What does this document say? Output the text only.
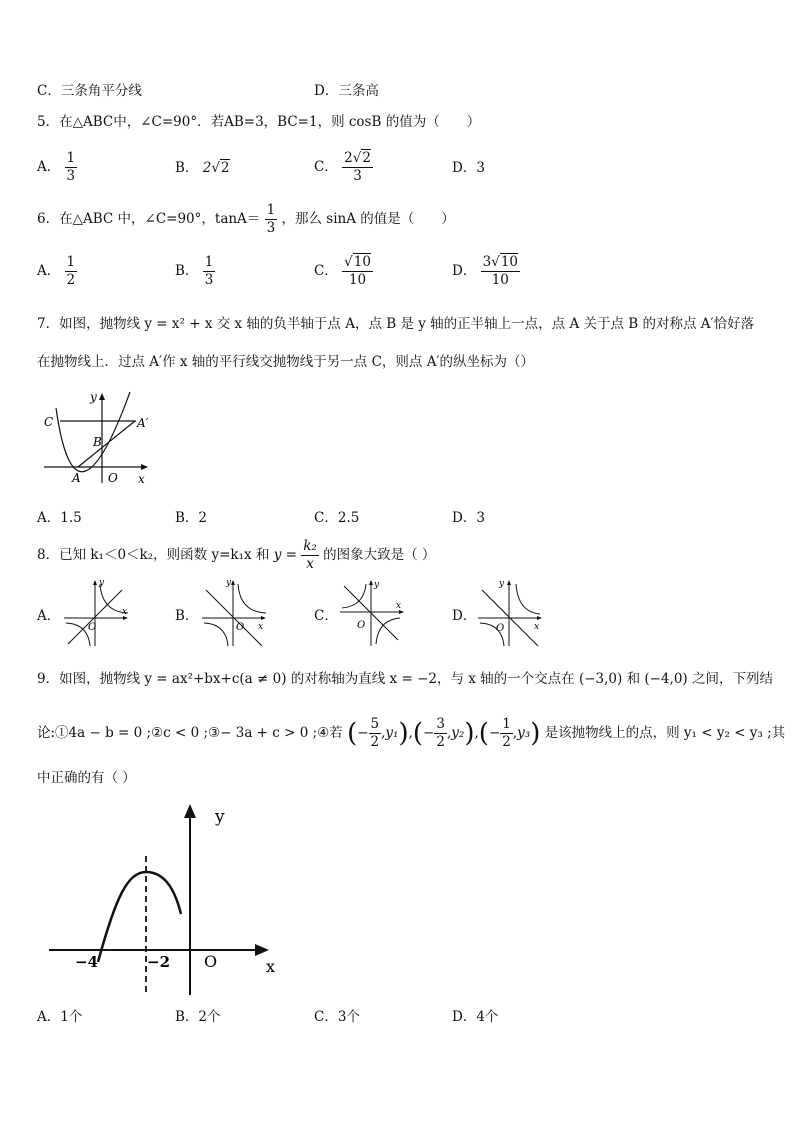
C．三条角平分线	D．三条高
5．在△ABC中，∠C=90°．若AB=3，BC=1，则 cosB 的值为（　　）
A． $\frac{1}{3}$	B． 2√2	C． $\frac{2√2}{3}$	D．3
6．在△ABC 中，∠C=90°，$\tan A= \frac{1}{3}$ ，那么 sinA 的值是（　　）
A． $\frac{1}{2}$	B． $\frac{1}{3}$	C． $\frac{√10}{10}$	D． $\frac{3√10}{10}$
7．如图，抛物线 y = x² + x 交 x 轴的负半轴于点 A，点 B 是 y 轴的正半轴上一点，点 A 关于点 B 的对称点 A′恰好落
在抛物线上．过点 A′作 x 轴的平行线交抛物线于另一点 C，则点 A′的纵坐标为（）
y
C	A′
B
A O x
A．1.5	B．2	C．2.5	D．3
8．已知 k₁＜0＜k₂，则函数 y=k₁x 和 $y = \frac{\text{k₂}}{x}$ 的图象大致是（ ）
A．	B．	C．	D．
y
x
O
y
x
O
y
x
O
y
x
O
9．如图，抛物线 y = ax²+bx+c(a ≠ 0) 的对称轴为直线 x = −2，与 x 轴的一个交点在 (−3,0) 和 (−4,0) 之间，下列结
论:①4a − b = 0 ;②c < 0 ;③− 3a + c > 0 ;④若 (− $\frac{5}{2} ,y_1),(- \frac{3}{2} ,y_2),(- \frac{1}{2} ,y_3)$ 是该抛物线上的点，则 y₁ < y₂ < y₃ ;其
中正确的有（ ）
y
−4	−2 O	x
A．1个	B．2个	C．3个	D．4个
